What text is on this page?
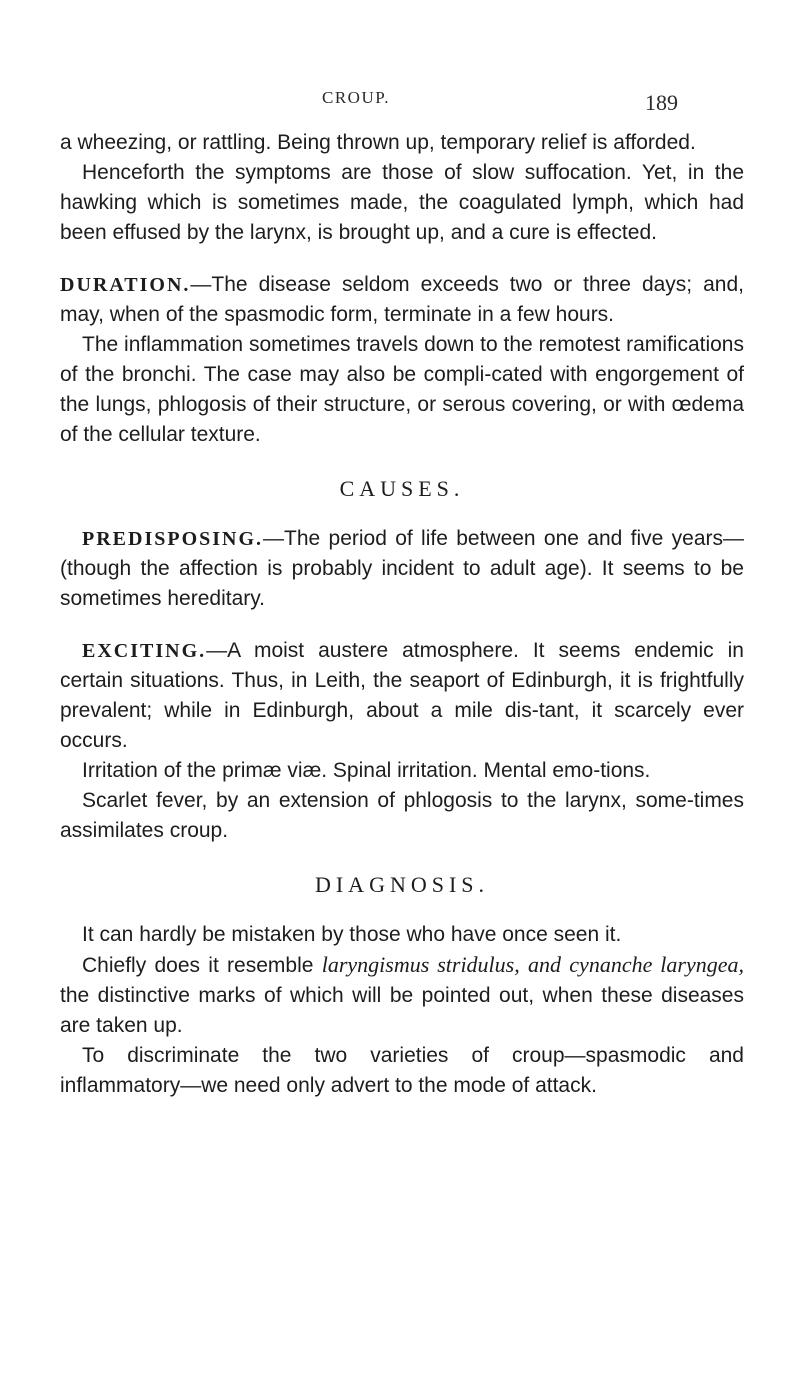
CROUP.	189

a wheezing, or rattling. Being thrown up, temporary relief is afforded.

Henceforth the symptoms are those of slow suffocation. Yet, in the hawking which is sometimes made, the coagulated lymph, which had been effused by the larynx, is brought up, and a cure is effected.

DURATION.—The disease seldom exceeds two or three days; and, may, when of the spasmodic form, terminate in a few hours.

The inflammation sometimes travels down to the remotest ramifications of the bronchi. The case may also be compli-cated with engorgement of the lungs, phlogosis of their structure, or serous covering, or with œdema of the cellular texture.

CAUSES.

PREDISPOSING.—The period of life between one and five years—(though the affection is probably incident to adult age). It seems to be sometimes hereditary.

EXCITING.—A moist austere atmosphere. It seems endemic in certain situations. Thus, in Leith, the seaport of Edinburgh, it is frightfully prevalent; while in Edinburgh, about a mile dis-tant, it scarcely ever occurs.

Irritation of the primæ viæ. Spinal irritation. Mental emo-tions.

Scarlet fever, by an extension of phlogosis to the larynx, some-times assimilates croup.

DIAGNOSIS.

It can hardly be mistaken by those who have once seen it.

Chiefly does it resemble laryngismus stridulus, and cynanche laryngea, the distinctive marks of which will be pointed out, when these diseases are taken up.

To discriminate the two varieties of croup—spasmodic and inflammatory—we need only advert to the mode of attack.
